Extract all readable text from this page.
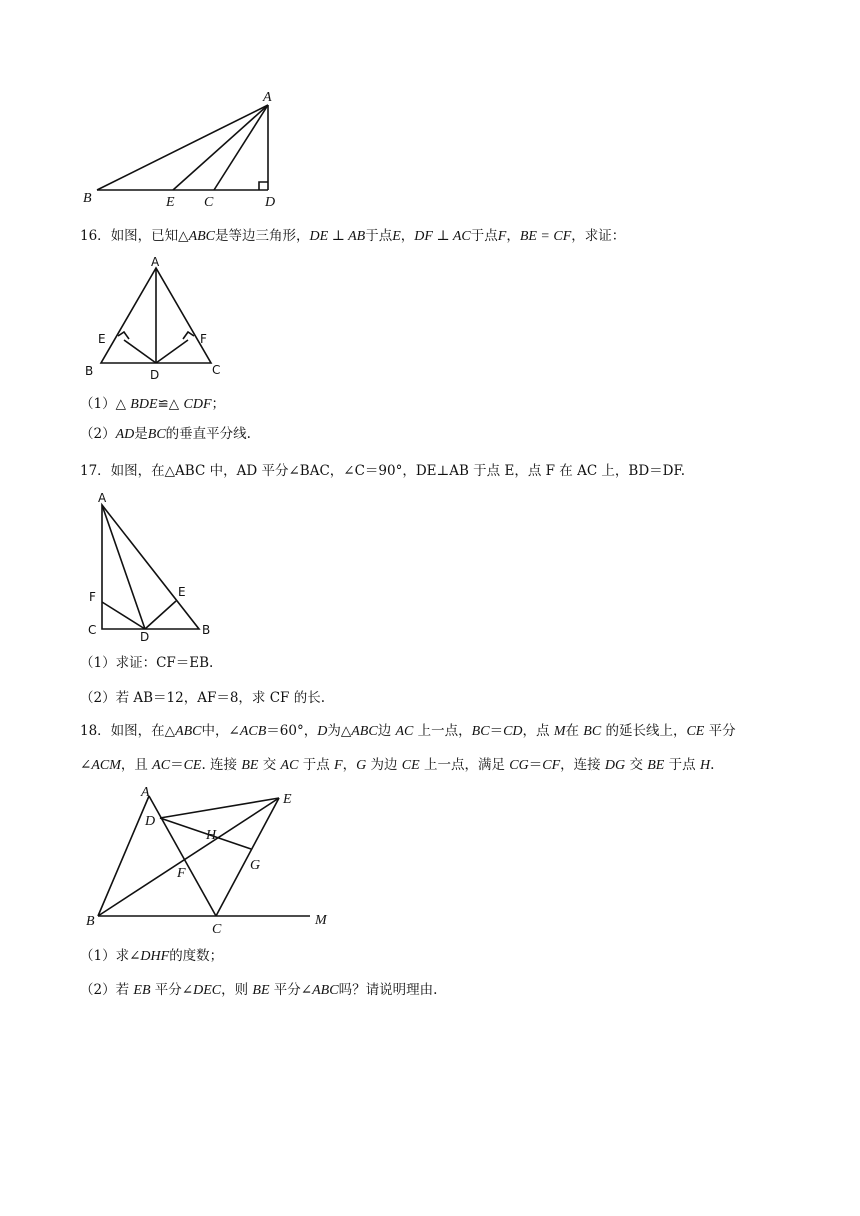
A
B	E C	D
16．如图，已知△ABC是等边三角形，DE ⊥ AB于点E，DF ⊥ AC于点F，BE = CF，求证：
A
E	F
B	D	C
（1）△ BDE≌△ CDF；
（2）AD是BC的垂直平分线.
17．如图，在△ABC 中，AD 平分∠BAC，∠C＝90°，DE⊥AB 于点 E，点 F 在 AC 上，BD＝DF.
A
F	E
C	D	B
（1）求证：CF＝EB.
（2）若 AB＝12，AF＝8，求 CF 的长.
18．如图，在△ABC中，∠ACB＝60°，D为△ABC边 AC 上一点，BC＝CD，点 M在 BC 的延长线上，CE 平分
∠ACM，且 AC＝CE. 连接 BE 交 AC 于点 F，G 为边 CE 上一点，满足 CG＝CF，连接 DG 交 BE 于点 H.
A
D
E
H
F
G
B
C
M
（1）求∠DHF的度数；
（2）若 EB 平分∠DEC，则 BE 平分∠ABC吗？请说明理由.
